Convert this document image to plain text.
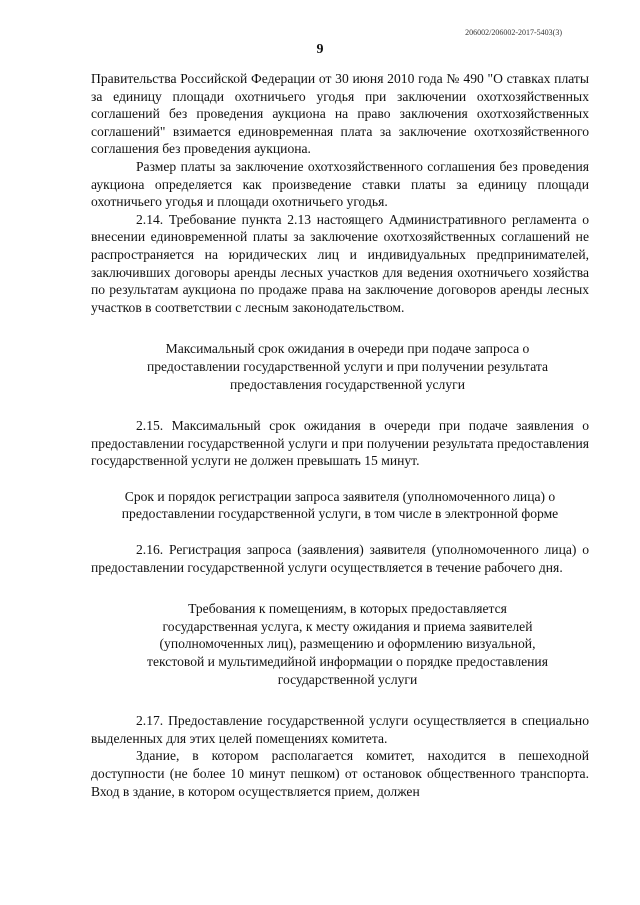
206002/206002-2017-5403(3)
9

Правительства Российской Федерации от 30 июня 2010 года № 490 "О ставках платы за единицу площади охотничьего угодья при заключении охотхозяйственных соглашений без проведения аукциона на право заключения охотхозяйственных соглашений" взимается единовременная плата за заключение охотхозяйственного соглашения без проведения аукциона.

Размер платы за заключение охотхозяйственного соглашения без проведения аукциона определяется как произведение ставки платы за единицу площади охотничьего угодья и площади охотничьего угодья.

2.14. Требование пункта 2.13 настоящего Административного регламента о внесении единовременной платы за заключение охотхозяйственных соглашений не распространяется на юридических лиц и индивидуальных предпринимателей, заключивших договоры аренды лесных участков для ведения охотничьего хозяйства по результатам аукциона по продаже права на заключение договоров аренды лесных участков в соответствии с лесным законодательством.

Максимальный срок ожидания в очереди при подаче запроса о предоставлении государственной услуги и при получении результата предоставления государственной услуги

2.15. Максимальный срок ожидания в очереди при подаче заявления о предоставлении государственной услуги и при получении результата предоставления государственной услуги не должен превышать 15 минут.

Срок и порядок регистрации запроса заявителя (уполномоченного лица) о предоставлении государственной услуги, в том числе в электронной форме

2.16. Регистрация запроса (заявления) заявителя (уполномоченного лица) о предоставлении государственной услуги осуществляется в течение рабочего дня.

Требования к помещениям, в которых предоставляется государственная услуга, к месту ожидания и приема заявителей (уполномоченных лиц), размещению и оформлению визуальной, текстовой и мультимедийной информации о порядке предоставления государственной услуги

2.17. Предоставление государственной услуги осуществляется в специально выделенных для этих целей помещениях комитета.

Здание, в котором располагается комитет, находится в пешеходной доступности (не более 10 минут пешком) от остановок общественного транспорта. Вход в здание, в котором осуществляется прием, должен
